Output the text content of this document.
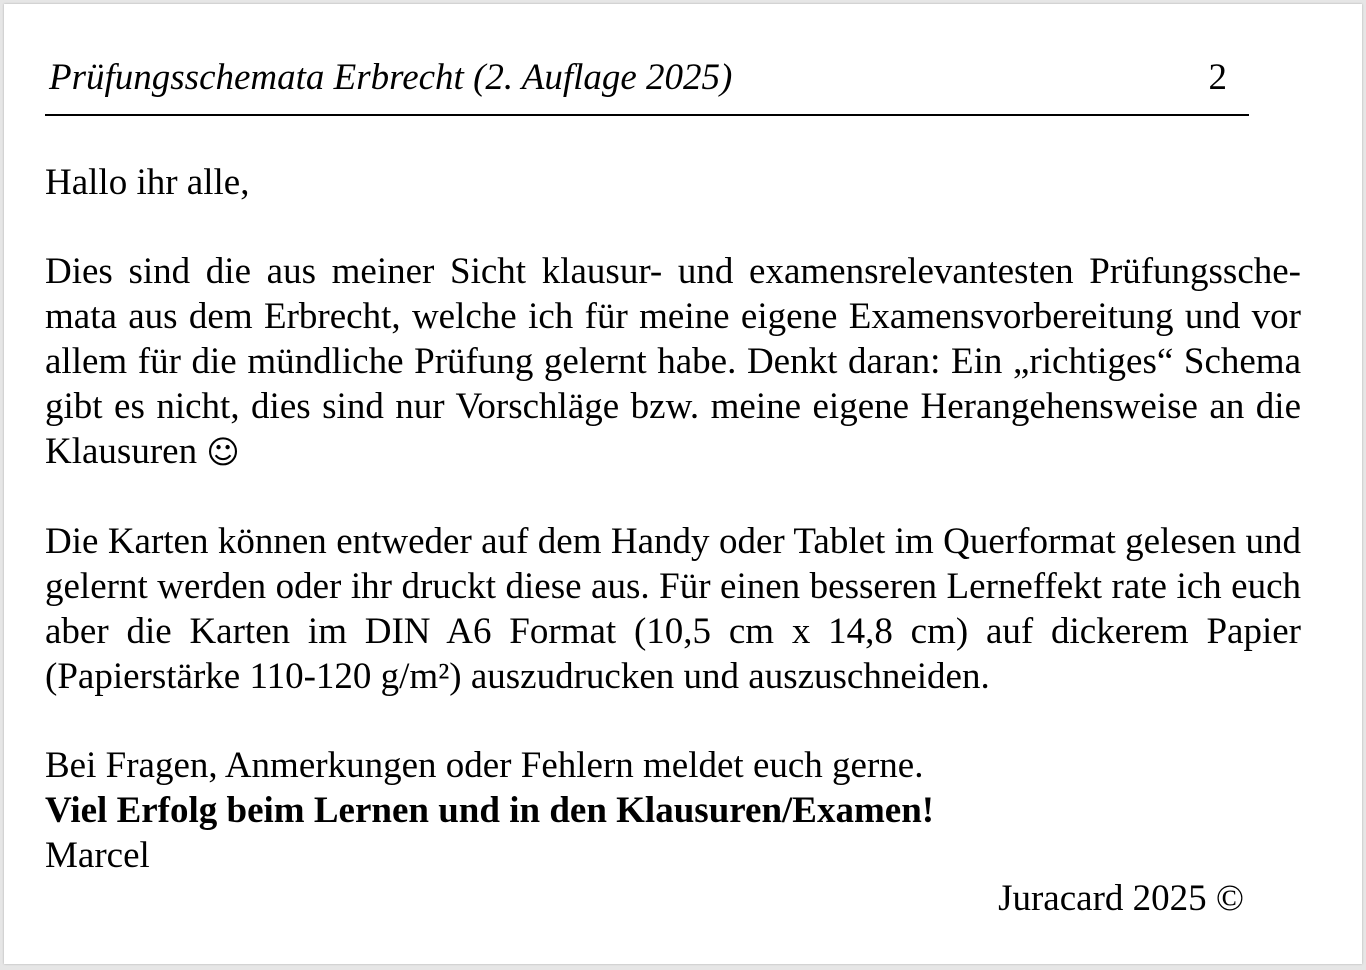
Prüfungsschemata Erbrecht (2. Auflage 2025)	2

Hallo ihr alle,

Dies sind die aus meiner Sicht klausur- und examensrelevantesten Prüfungsschemata aus dem Erbrecht, welche ich für meine eigene Examensvorbereitung und vor allem für die mündliche Prüfung gelernt habe. Denkt daran: Ein „richtiges“ Schema gibt es nicht, dies sind nur Vorschläge bzw. meine eigene Herangehensweise an die Klausuren ☺

Die Karten können entweder auf dem Handy oder Tablet im Querformat gelesen und gelernt werden oder ihr druckt diese aus. Für einen besseren Lerneffekt rate ich euch aber die Karten im DIN A6 Format (10,5 cm x 14,8 cm) auf dickerem Papier (Papierstärke 110-120 g/m²) auszudrucken und auszuschneiden.

Bei Fragen, Anmerkungen oder Fehlern meldet euch gerne.

Viel Erfolg beim Lernen und in den Klausuren/Examen!

Marcel

Juracard 2025 ©
